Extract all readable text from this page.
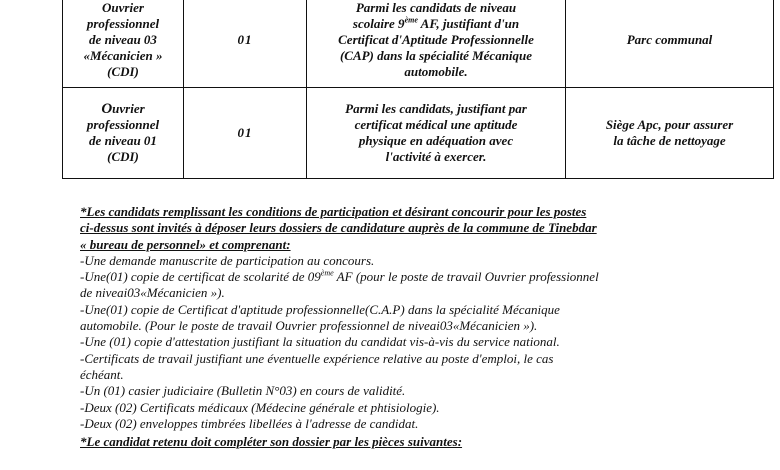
Ouvrier
professionnel
de niveau 03
«Mécanicien »
(CDI)	01	Parmi les candidats de niveau
scolaire 9ème AF, justifiant d'un
Certificat d'Aptitude Professionnelle
(CAP) dans la spécialité Mécanique
automobile.	Parc communal

Ouvrier
professionnel
de niveau 01
(CDI)	01	Parmi les candidats, justifiant par
certificat médical une aptitude
physique en adéquation avec
l'activité à exercer.	Siège Apc, pour assurer
la tâche de nettoyage
*Les candidats remplissant les conditions de participation et désirant concourir pour les postes
ci-dessus sont invités à déposer leurs dossiers de candidature auprès de la commune de Tinebdar
« bureau de personnel» et comprenant:
-Une demande manuscrite de participation au concours.
-Une(01) copie de certificat de scolarité de 09ème AF (pour le poste de travail Ouvrier professionnel
de niveai03«Mécanicien »).
-Une(01) copie de Certificat d'aptitude professionnelle(C.A.P) dans la spécialité Mécanique
automobile. (Pour le poste de travail Ouvrier professionnel de niveai03«Mécanicien »).
-Une (01) copie d'attestation justifiant la situation du candidat vis-à-vis du service national.
-Certificats de travail justifiant une éventuelle expérience relative au poste d'emploi, le cas
échéant.
-Un (01) casier judiciaire (Bulletin N°03) en cours de validité.
-Deux (02) Certificats médicaux (Médecine générale et phtisiologie).
-Deux (02) enveloppes timbrées libellées à l'adresse de candidat.
*Le candidat retenu doit compléter son dossier par les pièces suivantes:
